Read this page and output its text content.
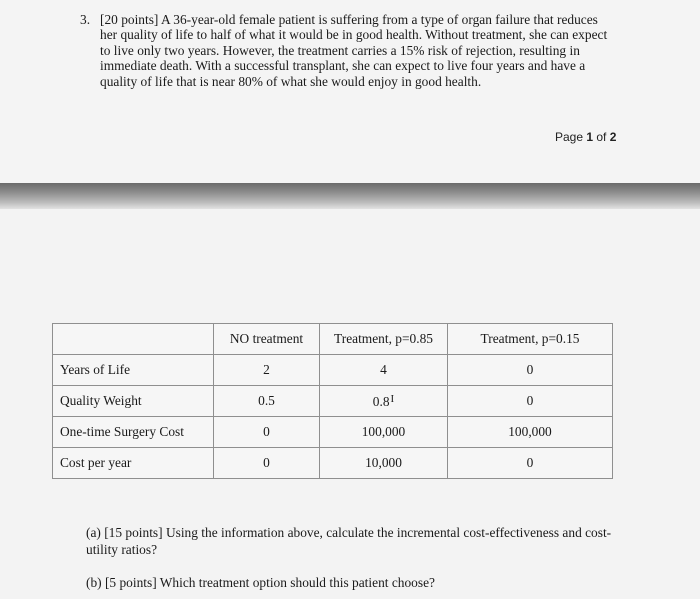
3. [20 points] A 36-year-old female patient is suffering from a type of organ failure that reduces her quality of life to half of what it would be in good health. Without treatment, she can expect to live only two years. However, the treatment carries a 15% risk of rejection, resulting in immediate death. With a successful transplant, she can expect to live four years and have a quality of life that is near 80% of what she would enjoy in good health.
Page 1 of 2
	NO treatment	Treatment, p=0.85	Treatment, p=0.15
Years of Life	2	4	0
Quality Weight	0.5	$0.8^I$	0
One-time Surgery Cost	0	100,000	100,000
Cost per year	0	10,000	0
(a) [15 points] Using the information above, calculate the incremental cost-effectiveness and cost-utility ratios?
(b) [5 points] Which treatment option should this patient choose?
